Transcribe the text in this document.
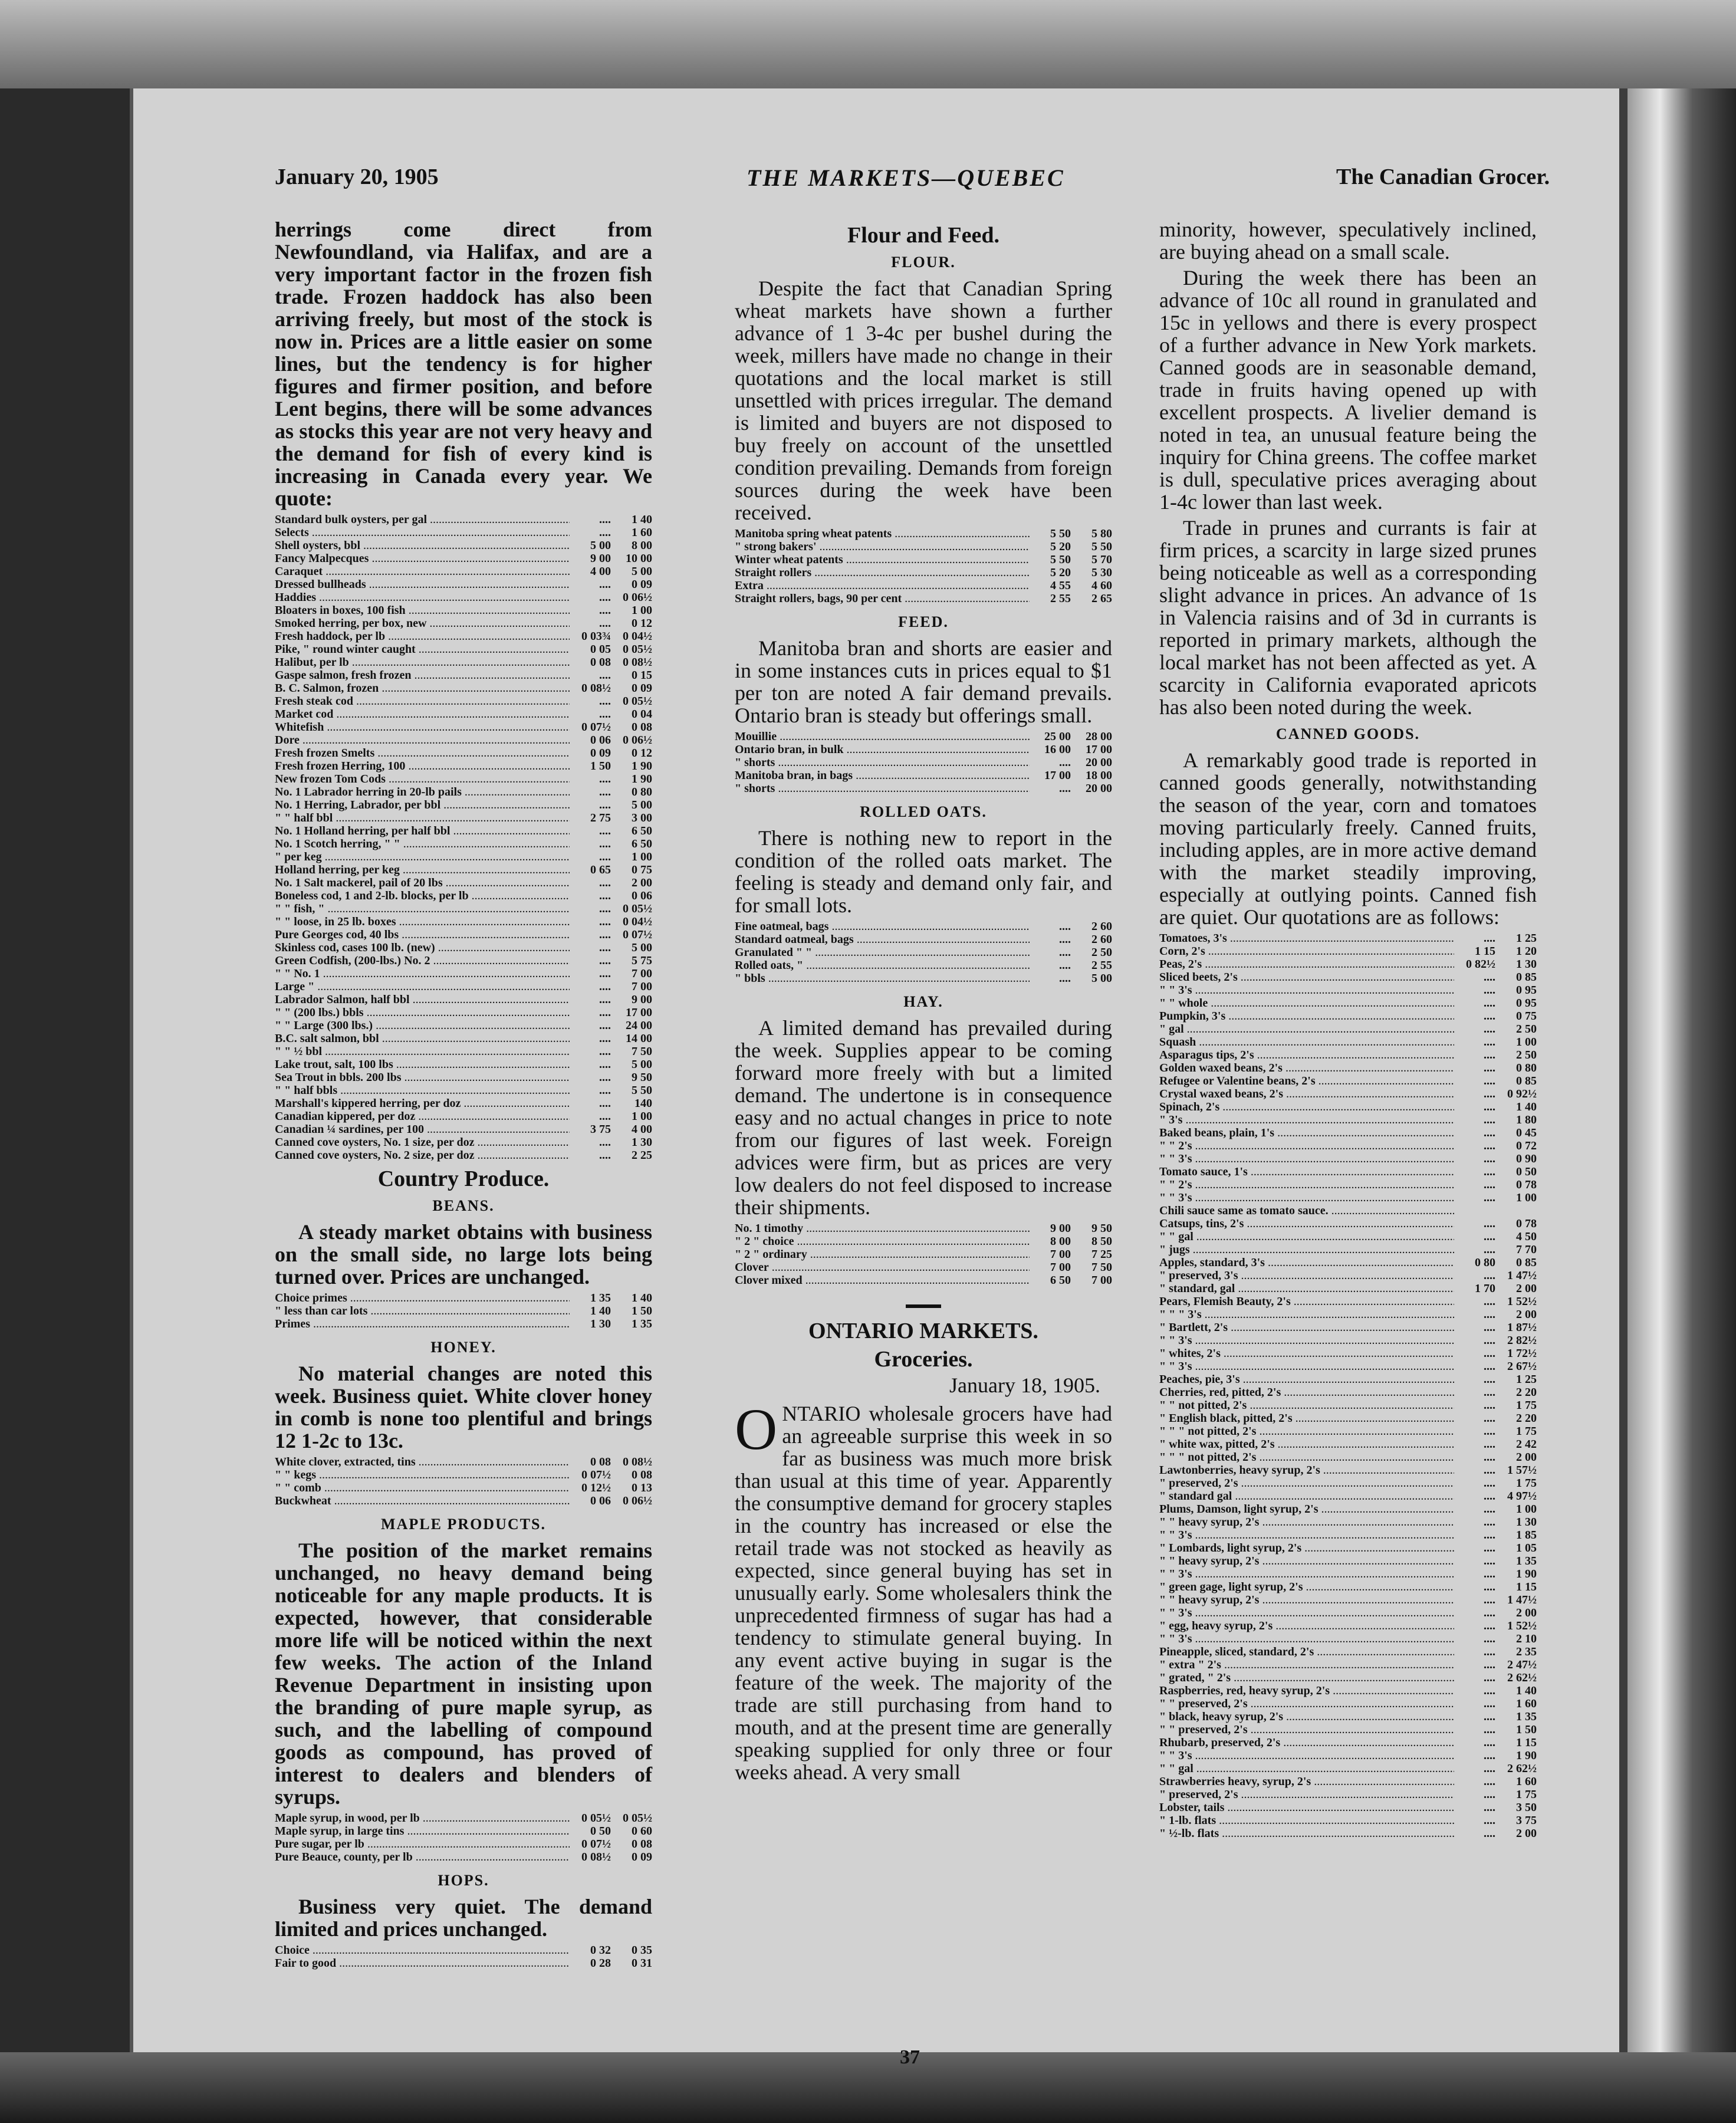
January 20, 1905	THE MARKETS—QUEBEC	The Canadian Grocer.

herrings come direct from Newfoundland, via Halifax, and are a very important factor in the frozen fish trade. Frozen haddock has also been arriving freely, but most of the stock is now in. Prices are a little easier on some lines, but the tendency is for higher figures and firmer position, and before Lent begins, there will be some advances as stocks this year are not very heavy and the demand for fish of every kind is increasing in Canada every year. We quote:

Standard bulk oysters, per gal .....	....	1 40
Selects .....	....	1 60
Shell oysters, bbl .....	5 00	8 00
Fancy Malpecques .....	9 00	10 00
Caraquet .....	4 00	5 00
Dressed bullheads .....	....	0 09
Haddies .....	....	0 06½
Bloaters in boxes, 100 fish .....	....	1 00
Smoked herring, per box, new .....	....	0 12
Fresh haddock, per lb .....	0 03¾	0 04½
Pike, " round winter caught .....	0 05	0 05½
Halibut, per lb .....	0 08	0 08½
Gaspe salmon, fresh frozen .....	....	0 15
B. C. Salmon, frozen .....	0 08½	0 09
Fresh steak cod .....	....	0 05½
Market cod .....	....	0 04
Whitefish .....	0 07½	0 08
Dore .....	0 06	0 06½
Fresh frozen Smelts .....	0 09	0 12
Fresh frozen Herring, 100 .....	1 50	1 90
New frozen Tom Cods .....	....	1 90
No. 1 Labrador herring in 20-lb pails .....	....	0 80
No. 1 Herring, Labrador, per bbl .....	....	5 00
" " half bbl .....	2 75	3 00
No. 1 Holland herring, per half bbl .....	....	6 50
No. 1 Scotch herring, " " .....	....	6 50
" per keg .....	....	1 00
Holland herring, per keg .....	0 65	0 75
No. 1 Salt mackerel, pail of 20 lbs .....	....	2 00
Boneless cod, 1 and 2-lb. blocks, per lb .....	....	0 06
" " fish, " .....	....	0 05½
" " loose, in 25 lb. boxes .....	....	0 04½
Pure Georges cod, 40 lbs .....	....	0 07½
Skinless cod, cases 100 lb. (new) .....	....	5 00
Green Codfish, (200-lbs.) No. 2 .....	....	5 75
" " No. 1 .....	....	7 00
Large " .....	....	7 00
Labrador Salmon, half bbl .....	....	9 00
" " (200 lbs.) bbls .....	....	17 00
" " Large (300 lbs.) .....	....	24 00
B.C. salt salmon, bbl .....	....	14 00
" " ½ bbl .....	....	7 50
Lake trout, salt, 100 lbs .....	....	5 00
Sea Trout in bbls. 200 lbs .....	....	9 50
" " half bbls .....	....	5 50
Marshall's kippered herring, per doz .....	....	140
Canadian kippered, per doz .....	....	1 00
Canadian ¼ sardines, per 100 .....	3 75	4 00
Canned cove oysters, No. 1 size, per doz .....	....	1 30
Canned cove oysters, No. 2 size, per doz .....	....	2 25
Country Produce.
BEANS.

A steady market obtains with business on the small side, no large lots being turned over. Prices are unchanged.

Choice primes .....	1 35	1 40
" less than car lots .....	1 40	1 50
Primes .....	1 30	1 35
HONEY.

No material changes are noted this week. Business quiet. White clover honey in comb is none too plentiful and brings 12 1-2c to 13c.

White clover, extracted, tins .....	0 08	0 08½
" " kegs .....	0 07½	0 08
" " comb .....	0 12½	0 13
Buckwheat .....	0 06	0 06½
MAPLE PRODUCTS.

The position of the market remains unchanged, no heavy demand being noticeable for any maple products. It is expected, however, that considerable more life will be noticed within the next few weeks. The action of the Inland Revenue Department in insisting upon the branding of pure maple syrup, as such, and the labelling of compound goods as compound, has proved of interest to dealers and blenders of syrups.

Maple syrup, in wood, per lb .....	0 05½	0 05½
Maple syrup, in large tins .....	0 50	0 60
Pure sugar, per lb .....	0 07½	0 08
Pure Beauce, county, per lb .....	0 08½	0 09
HOPS.

Business very quiet. The demand limited and prices unchanged.

Choice .....	0 32	0 35
Fair to good .....	0 28	0 31
Flour and Feed.
FLOUR.

Despite the fact that Canadian Spring wheat markets have shown a further advance of 1 3-4c per bushel during the week, millers have made no change in their quotations and the local market is still unsettled with prices irregular. The demand is limited and buyers are not disposed to buy freely on account of the unsettled condition prevailing. Demands from foreign sources during the week have been received.

Manitoba spring wheat patents .....	5 50	5 80
" strong bakers' .....	5 20	5 50
Winter wheat patents .....	5 50	5 70
Straight rollers .....	5 20	5 30
Extra .....	4 55	4 60
Straight rollers, bags, 90 per cent .....	2 55	2 65
FEED.

Manitoba bran and shorts are easier and in some instances cuts in prices equal to $1 per ton are noted A fair demand prevails. Ontario bran is steady but offerings small.

Mouillie .....	25 00	28 00
Ontario bran, in bulk .....	16 00	17 00
" shorts .....	....	20 00
Manitoba bran, in bags .....	17 00	18 00
" shorts .....	....	20 00
ROLLED OATS.

There is nothing new to report in the condition of the rolled oats market. The feeling is steady and demand only fair, and for small lots.

Fine oatmeal, bags .....	....	2 60
Standard oatmeal, bags .....	....	2 60
Granulated " " .....	....	2 50
Rolled oats, " .....	....	2 55
" bbls .....	....	5 00
HAY.

A limited demand has prevailed during the week. Supplies appear to be coming forward more freely with but a limited demand. The undertone is in consequence easy and no actual changes in price to note from our figures of last week. Foreign advices were firm, but as prices are very low dealers do not feel disposed to increase their shipments.

No. 1 timothy .....	9 00	9 50
" 2 " choice .....	8 00	8 50
" 2 " ordinary .....	7 00	7 25
Clover .....	7 00	7 50
Clover mixed .....	6 50	7 00
ONTARIO MARKETS.
Groceries.
January 18, 1905.

ONTARIO wholesale grocers have had an agreeable surprise this week in so far as business was much more brisk than usual at this time of year. Apparently the consumptive demand for grocery staples in the country has increased or else the retail trade was not stocked as heavily as expected, since general buying has set in unusually early. Some wholesalers think the unprecedented firmness of sugar has had a tendency to stimulate general buying. In any event active buying in sugar is the feature of the week. The majority of the trade are still purchasing from hand to mouth, and at the present time are generally speaking supplied for only three or four weeks ahead. A very small

minority, however, speculatively inclined, are buying ahead on a small scale.

During the week there has been an advance of 10c all round in granulated and 15c in yellows and there is every prospect of a further advance in New York markets. Canned goods are in seasonable demand, trade in fruits having opened up with excellent prospects. A livelier demand is noted in tea, an unusual feature being the inquiry for China greens. The coffee market is dull, speculative prices averaging about 1-4c lower than last week.

Trade in prunes and currants is fair at firm prices, a scarcity in large sized prunes being noticeable as well as a corresponding slight advance in prices. An advance of 1s in Valencia raisins and of 3d in currants is reported in primary markets, although the local market has not been affected as yet. A scarcity in California evaporated apricots has also been noted during the week.

CANNED GOODS.

A remarkably good trade is reported in canned goods generally, notwithstanding the season of the year, corn and tomatoes moving particularly freely. Canned fruits, including apples, are in more active demand with the market steadily improving, especially at outlying points. Canned fish are quiet. Our quotations are as follows:

Tomatoes, 3's .....	....	1 25
Corn, 2's .....	1 15	1 20
Peas, 2's .....	0 82½	1 30
Sliced beets, 2's .....	....	0 85
" " 3's .....	....	0 95
" " whole .....	....	0 95
Pumpkin, 3's .....	....	0 75
" gal .....	....	2 50
Squash .....	....	1 00
Asparagus tips, 2's .....	....	2 50
Golden waxed beans, 2's .....	....	0 80
Refugee or Valentine beans, 2's .....	....	0 85
Crystal waxed beans, 2's .....	....	0 92½
Spinach, 2's .....	....	1 40
" 3's .....	....	1 80
Baked beans, plain, 1's .....	....	0 45
" " 2's .....	....	0 72
" " 3's .....	....	0 90
Tomato sauce, 1's .....	....	0 50
" " 2's .....	....	0 78
" " 3's .....	....	1 00
Chili sauce same as tomato sauce. .....
Catsups, tins, 2's .....	....	0 78
" " gal .....	....	4 50
" jugs .....	....	7 70
Apples, standard, 3's .....	0 80	0 85
" preserved, 3's .....	....	1 47½
" standard, gal .....	1 70	2 00
Pears, Flemish Beauty, 2's .....	....	1 52½
" " " 3's .....	....	2 00
" Bartlett, 2's .....	....	1 87½
" " 3's .....	....	2 82½
" whites, 2's .....	....	1 72½
" " 3's .....	....	2 67½
Peaches, pie, 3's .....	....	1 25
Cherries, red, pitted, 2's .....	....	2 20
" " not pitted, 2's .....	....	1 75
" English black, pitted, 2's .....	....	2 20
" " " not pitted, 2's .....	....	1 75
" white wax, pitted, 2's .....	....	2 42
" " " not pitted, 2's .....	....	2 00
Lawtonberries, heavy syrup, 2's .....	....	1 57½
" preserved, 2's .....	....	1 75
" standard gal .....	....	4 97½
Plums, Damson, light syrup, 2's .....	....	1 00
" " heavy syrup, 2's .....	....	1 30
" " 3's .....	....	1 85
" Lombards, light syrup, 2's .....	....	1 05
" " heavy syrup, 2's .....	....	1 35
" " 3's .....	....	1 90
" green gage, light syrup, 2's .....	....	1 15
" " heavy syrup, 2's .....	....	1 47½
" " 3's .....	....	2 00
" egg, heavy syrup, 2's .....	....	1 52½
" " 3's .....	....	2 10
Pineapple, sliced, standard, 2's .....	....	2 35
" extra " 2's .....	....	2 47½
" grated, " 2's .....	....	2 62½
Raspberries, red, heavy syrup, 2's .....	....	1 40
" " preserved, 2's .....	....	1 60
" black, heavy syrup, 2's .....	....	1 35
" " preserved, 2's .....	....	1 50
Rhubarb, preserved, 2's .....	....	1 15
" " 3's .....	....	1 90
" " gal .....	....	2 62½
Strawberries heavy, syrup, 2's .....	....	1 60
" preserved, 2's .....	....	1 75
Lobster, tails .....	....	3 50
" 1-lb. flats .....	....	3 75
" ½-lb. flats .....	....	2 00
37
